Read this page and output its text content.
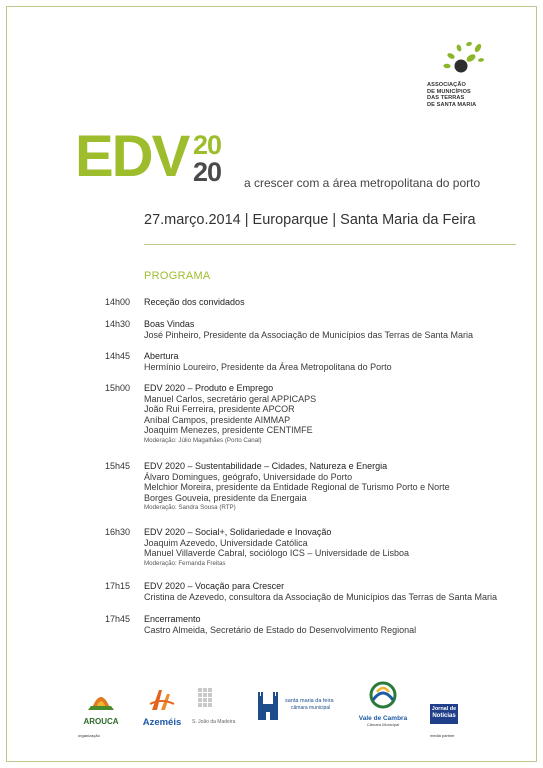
ASSOCIAÇÃO
DE MUNICÍPIOS
DAS TERRAS
DE SANTA MARIA
EDV 20
20 a crescer com a área metropolitana do porto
27.março.2014 | Europarque | Santa Maria da Feira
PROGRAMA
14h00 Receção dos convidados
14h30 Boas Vindas
José Pinheiro, Presidente da Associação de Municípios das Terras de Santa Maria
14h45 Abertura
Hermínio Loureiro, Presidente da Área Metropolitana do Porto
15h00 EDV 2020 – Produto e Emprego
Manuel Carlos, secretário geral APPICAPS
João Rui Ferreira, presidente APCOR
Aníbal Campos, presidente AIMMAP
Joaquim Menezes, presidente CENTIMFE
Moderação: Júlio Magalhães (Porto Canal)
15h45 EDV 2020 – Sustentabilidade – Cidades, Natureza e Energia
Álvaro Domingues, geógrafo, Universidade do Porto
Melchior Moreira, presidente da Entidade Regional de Turismo Porto e Norte
Borges Gouveia, presidente da Energaia
Moderação: Sandra Sousa (RTP)
16h30 EDV 2020 – Social+, Solidariedade e Inovação
Joaquim Azevedo, Universidade Católica
Manuel Villaverde Cabral, sociólogo ICS – Universidade de Lisboa
Moderação: Fernanda Freitas
17h15 EDV 2020 – Vocação para Crescer
Cristina de Azevedo, consultora da Associação de Municípios das Terras de Santa Maria
17h45 Encerramento
Castro Almeida, Secretário de Estado do Desenvolvimento Regional
AROUCA	Azeméis	S. João da Madeira
santa maria da feira
câmara municipal
Vale de Cambra
Câmara Municipal
Jornal de
Notícias
organização	media partner
